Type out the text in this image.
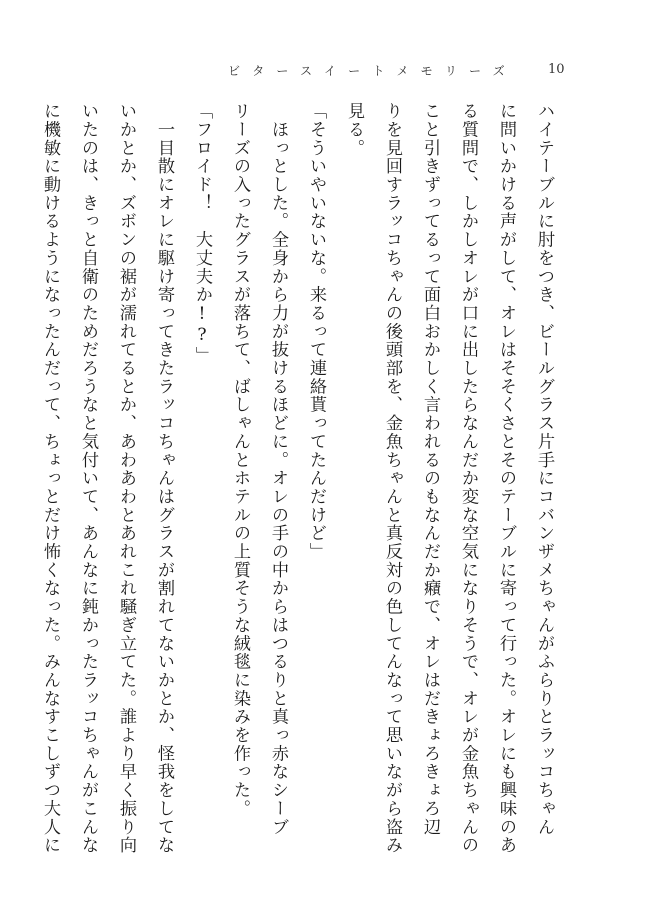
ビタースイートメモリーズ 10
ハイテーブルに肘をつき、ビールグラス片手にコバンザメちゃんがふらりとラッコちゃん
に問いかける声がして、オレはそそくさとそのテーブルに寄って行った。オレにも興味のあ
る質問で、しかしオレが口に出したらなんだか変な空気になりそうで、オレが金魚ちゃんの
こと引きずってるって面白おかしく言われるのもなんだか癪で、オレはだきょろきょろ辺
りを見回すラッコちゃんの後頭部を、金魚ちゃんと真反対の色してんなって思いながら盗み
見る。
「そういやいないな。来るって連絡貰ってたんだけど」
　ほっとした。全身から力が抜けるほどに。オレの手の中からはつるりと真っ赤なシーブ
リーズの入ったグラスが落ちて、ばしゃんとホテルの上質そうな絨毯に染みを作った。
「フロイド！　大丈夫か!?」
　一目散にオレに駆け寄ってきたラッコちゃんはグラスが割れてないかとか、怪我をしてな
いかとか、ズボンの裾が濡れてるとか、あわあわとあれこれ騒ぎ立てた。誰より早く振り向
いたのは、きっと自衛のためだろうなと気付いて、あんなに鈍かったラッコちゃんがこんな
に機敏に動けるようになったんだって、ちょっとだけ怖くなった。みんなすこしずつ大人に
